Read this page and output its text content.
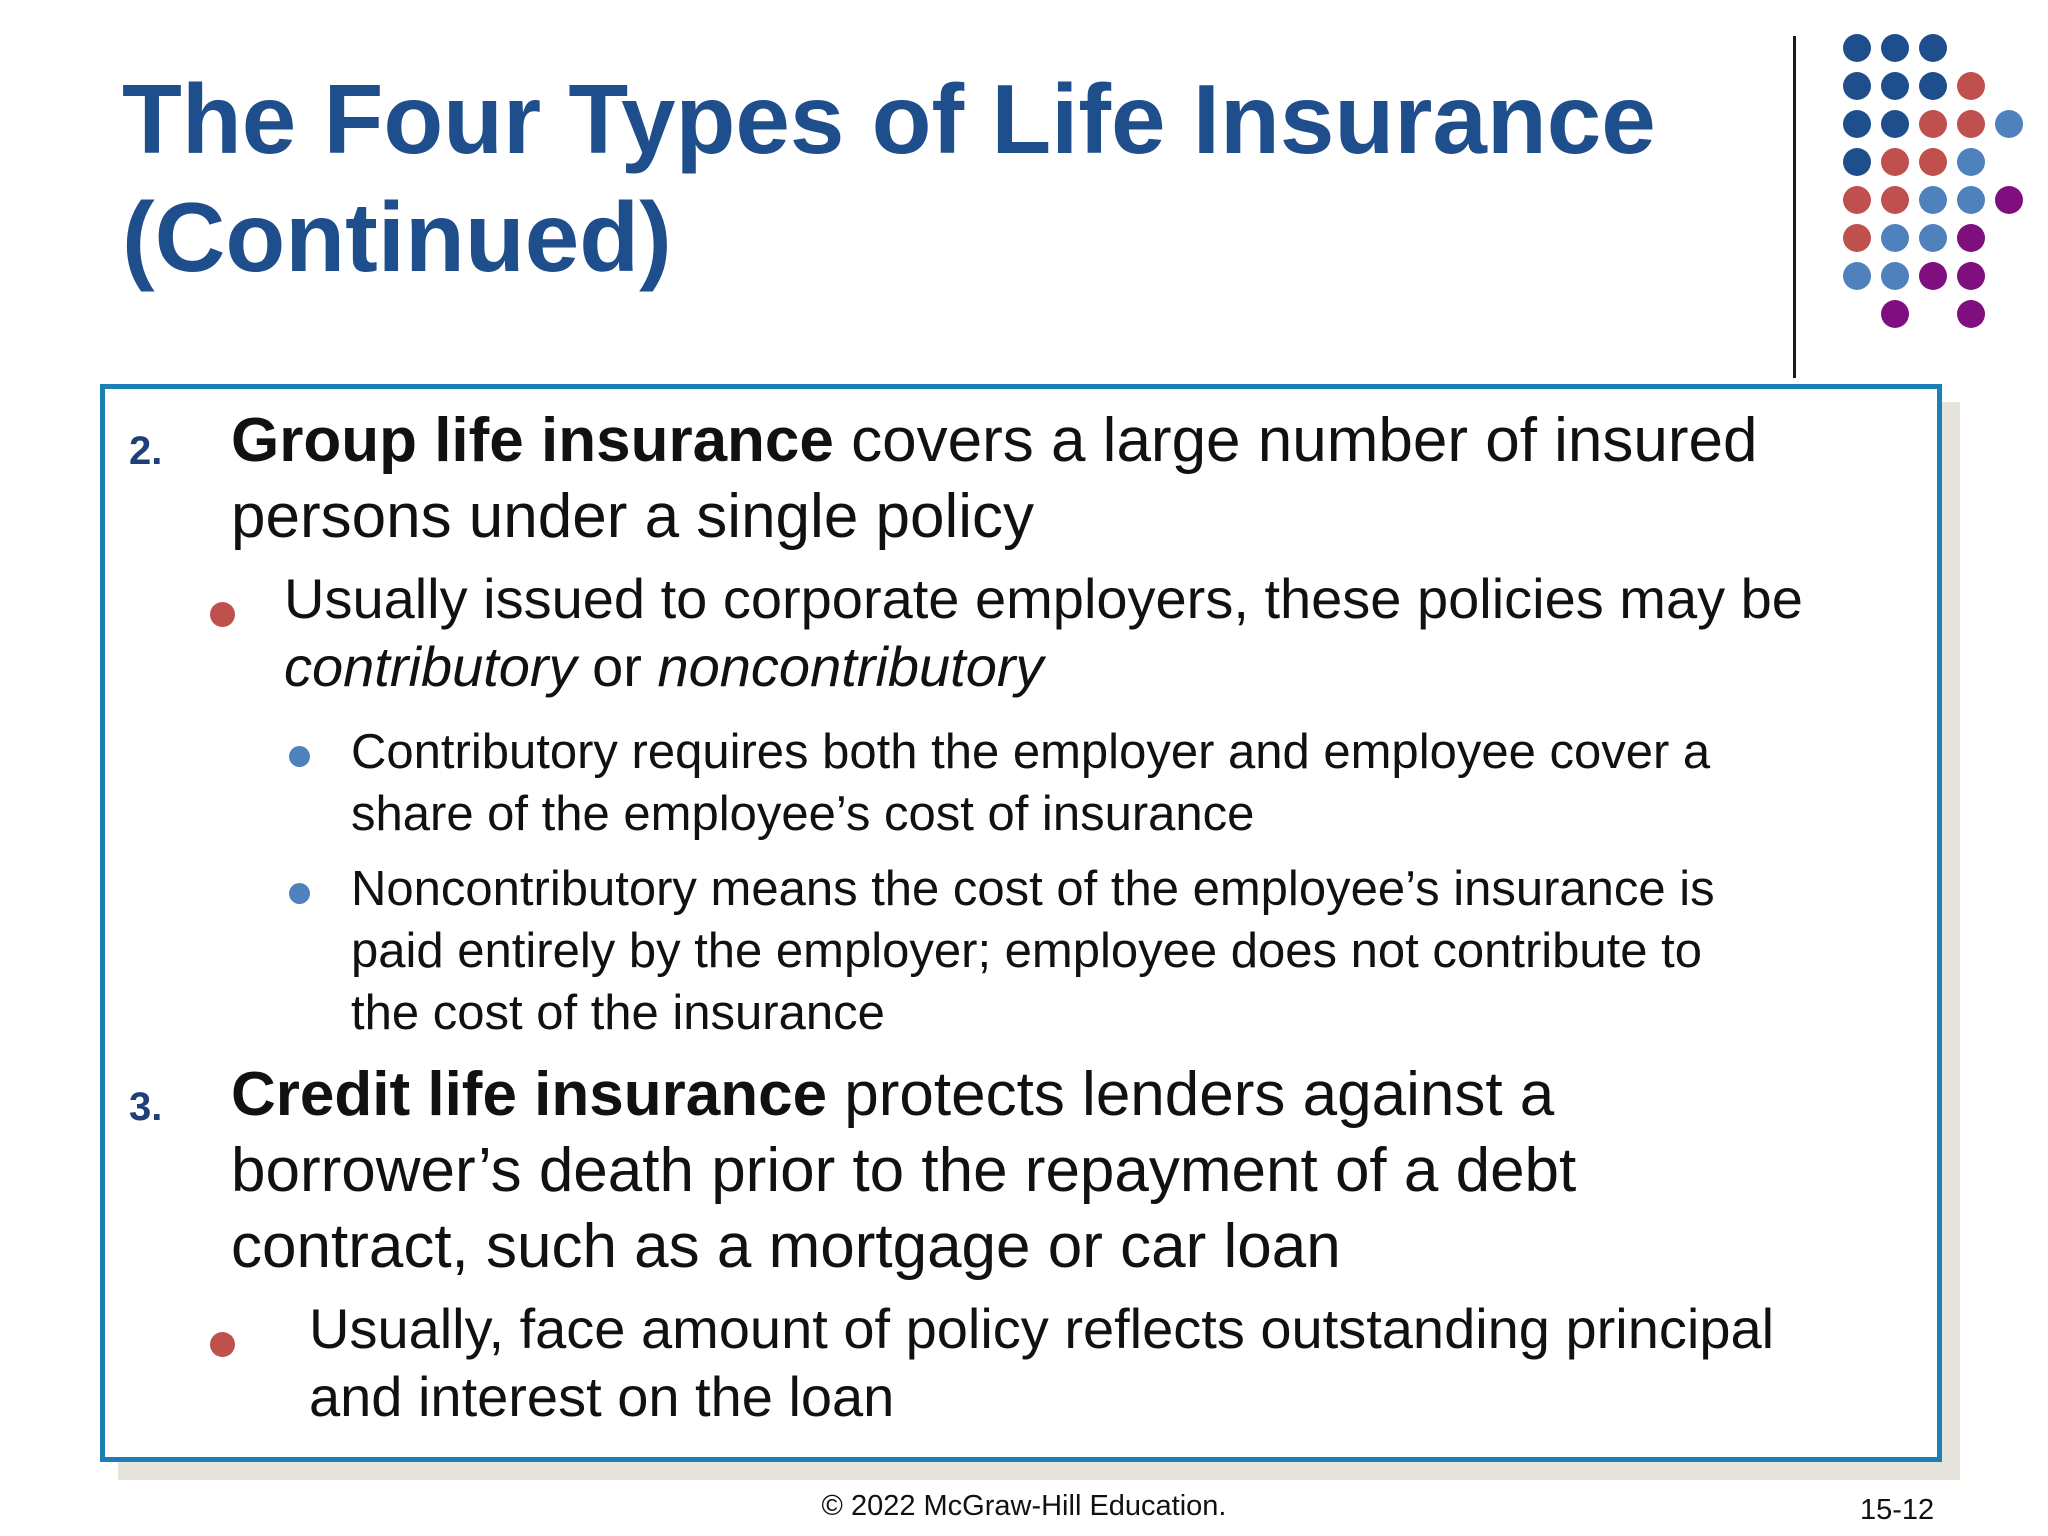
The Four Types of Life Insurance
(Continued)
2. Group life insurance covers a large number of insured
persons under a single policy
Usually issued to corporate employers, these policies may be
contributory or noncontributory
Contributory requires both the employer and employee cover a
share of the employee’s cost of insurance
Noncontributory means the cost of the employee’s insurance is
paid entirely by the employer; employee does not contribute to
the cost of the insurance
3. Credit life insurance protects lenders against a
borrower’s death prior to the repayment of a debt
contract, such as a mortgage or car loan
Usually, face amount of policy reflects outstanding principal
and interest on the loan
© 2022 McGraw-Hill Education.	15-12
